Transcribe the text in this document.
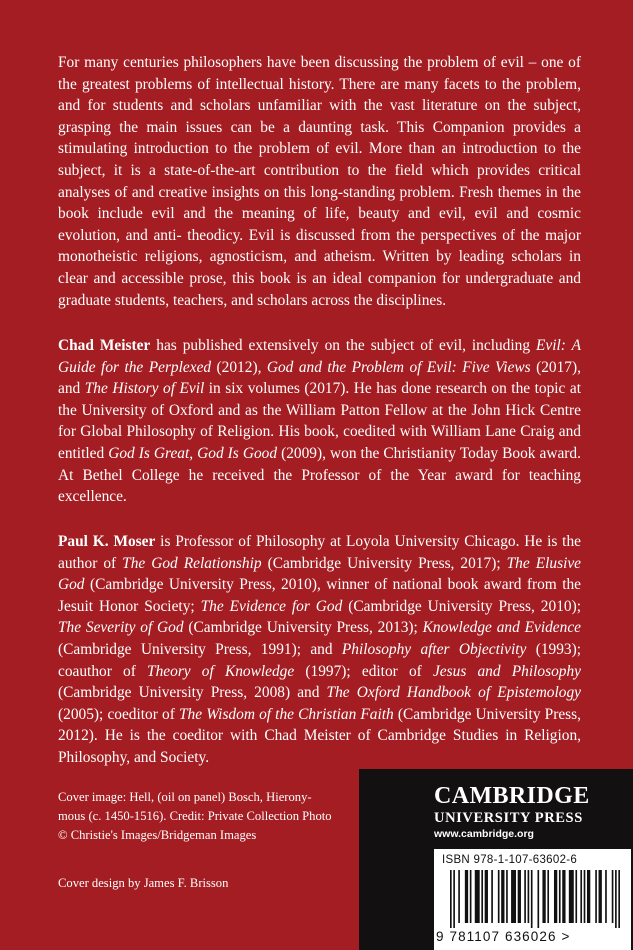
For many centuries philosophers have been discussing the problem of evil – one of the greatest problems of intellectual history. There are many facets to the problem, and for students and scholars unfamiliar with the vast literature on the subject, grasping the main issues can be a daunting task. This Companion provides a stimulating introduction to the problem of evil. More than an introduction to the subject, it is a state-of-the-art contribution to the field which provides critical analyses of and creative insights on this long-standing problem. Fresh themes in the book include evil and the meaning of life, beauty and evil, evil and cosmic evolution, and anti- theodicy. Evil is discussed from the perspectives of the major monotheistic religions, agnosticism, and atheism. Written by leading scholars in clear and accessible prose, this book is an ideal companion for undergraduate and graduate students, teachers, and scholars across the disciplines.

Chad Meister has published extensively on the subject of evil, including Evil: A Guide for the Perplexed (2012), God and the Problem of Evil: Five Views (2017), and The History of Evil in six volumes (2017). He has done research on the topic at the University of Oxford and as the William Patton Fellow at the John Hick Centre for Global Philosophy of Religion. His book, coedited with William Lane Craig and entitled God Is Great, God Is Good (2009), won the Christianity Today Book award. At Bethel College he received the Professor of the Year award for teaching excellence.

Paul K. Moser is Professor of Philosophy at Loyola University Chicago. He is the author of The God Relationship (Cambridge University Press, 2017); The Elusive God (Cambridge University Press, 2010), winner of national book award from the Jesuit Honor Society; The Evidence for God (Cambridge University Press, 2010); The Severity of God (Cambridge University Press, 2013); Knowledge and Evidence (Cambridge University Press, 1991); and Philosophy after Objectivity (1993); coauthor of Theory of Knowledge (1997); editor of Jesus and Philosophy (Cambridge University Press, 2008) and The Oxford Handbook of Epistemology (2005); coeditor of The Wisdom of the Christian Faith (Cambridge University Press, 2012). He is the coeditor with Chad Meister of Cambridge Studies in Religion, Philosophy, and Society.

Cover image: Hell, (oil on panel) Bosch, Hieronymous (c. 1450-1516). Credit: Private Collection Photo © Christie's Images/Bridgeman Images

Cover design by James F. Brisson

CAMBRIDGE
UNIVERSITY PRESS
www.cambridge.org
ISBN 978-1-107-63602-6
9 781107 636026 >
